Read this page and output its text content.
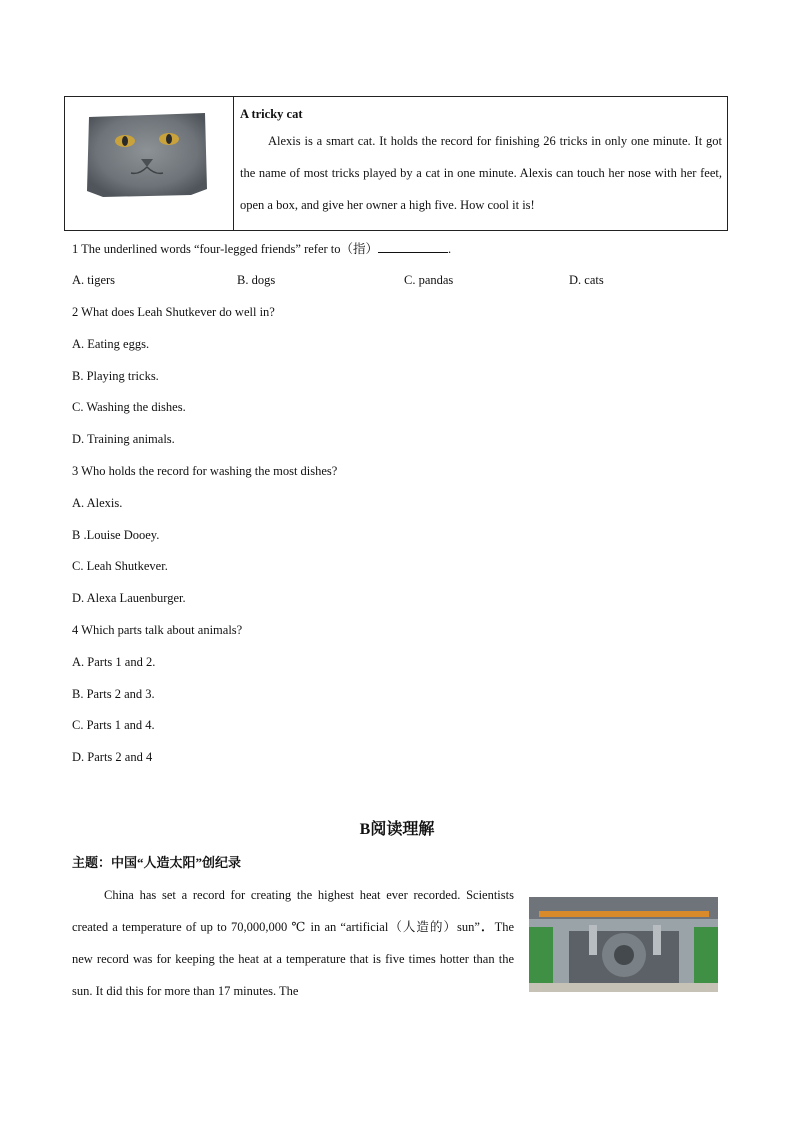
A tricky cat
Alexis is a smart cat. It holds the record for finishing 26 tricks in only one minute. It got the name of most tricks played by a cat in one minute. Alexis can touch her nose with her feet, open a box, and give her owner a high five. How cool it is!
1 The underlined words “four-legged friends” refer to（指）	.
A. tigers	B. dogs	C. pandas	D. cats
2 What does Leah Shutkever do well in?
A. Eating eggs.
B. Playing tricks.
C. Washing the dishes.
D. Training animals.
3 Who holds the record for washing the most dishes?
A. Alexis.
B .Louise Dooey.
C. Leah Shutkever.
D. Alexa Lauenburger.
4 Which parts talk about animals?
A. Parts 1 and 2.
B. Parts 2 and 3.
C. Parts 1 and 4.
D. Parts 2 and 4
B阅读理解
主题：中国“人造太阳”创纪录
China has set a record for creating the highest heat ever recorded. Scientists created a temperature of up to 70,000,000 ℃ in an “artificial（人造的）sun”．The new record was for keeping the heat at a temperature that is five times hotter than the sun. It did this for more than 17 minutes. The
